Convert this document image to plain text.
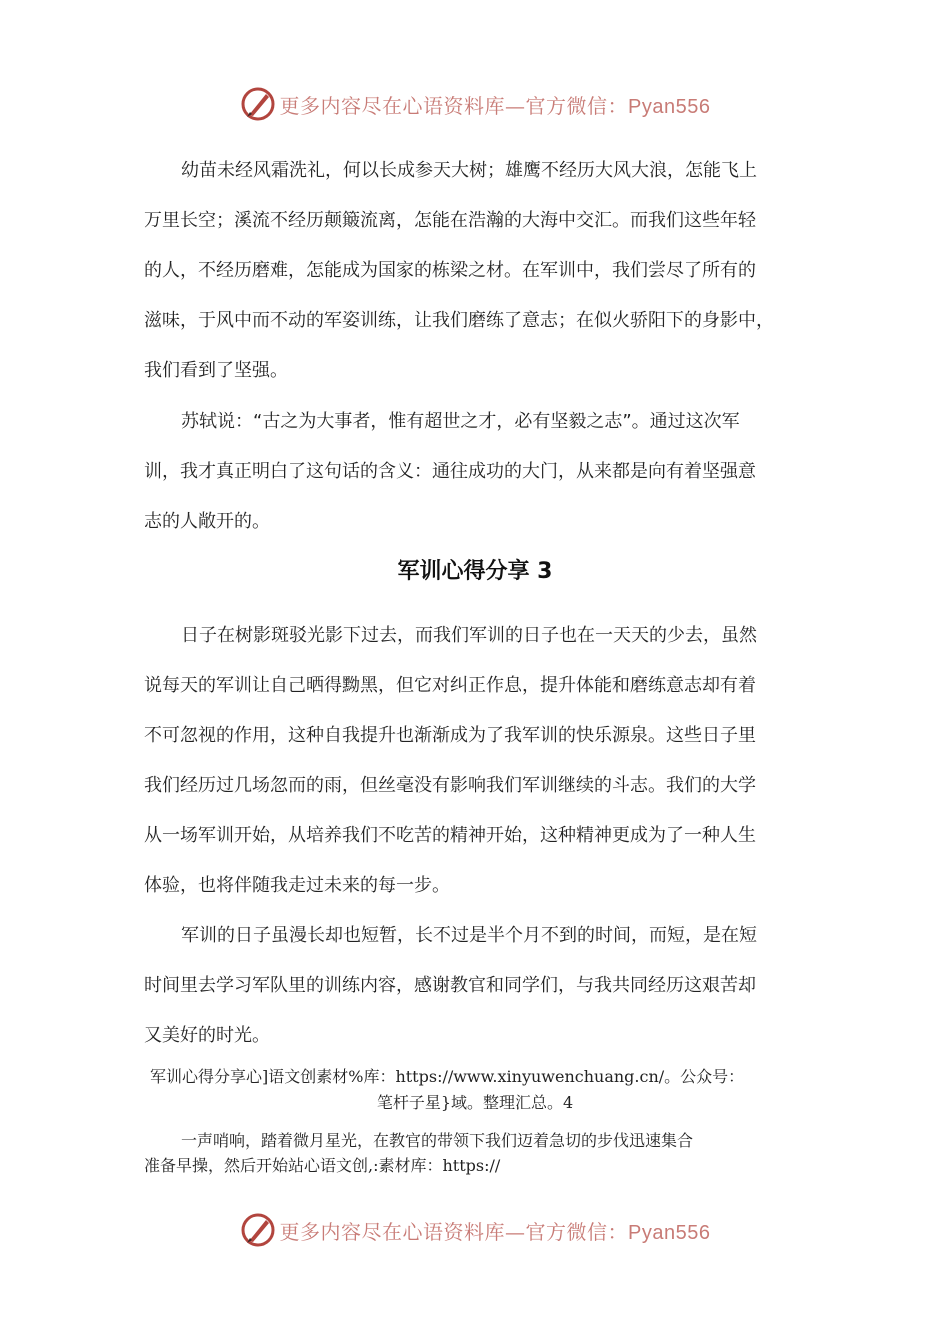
更多内容尽在心语资料库—官方微信：Pyan556
幼苗未经风霜洗礼，何以长成参天大树；雄鹰不经历大风大浪，怎能飞上
万里长空；溪流不经历颠簸流离，怎能在浩瀚的大海中交汇。而我们这些年轻
的人，不经历磨难，怎能成为国家的栋梁之材。在军训中，我们尝尽了所有的
滋味，于风中而不动的军姿训练，让我们磨练了意志；在似火骄阳下的身影中，
我们看到了坚强。
苏轼说：“古之为大事者，惟有超世之才，必有坚毅之志”。通过这次军
训，我才真正明白了这句话的含义：通往成功的大门，从来都是向有着坚强意
志的人敞开的。
军训心得分享 3
日子在树影斑驳光影下过去，而我们军训的日子也在一天天的少去，虽然
说每天的军训让自己晒得黝黑，但它对纠正作息，提升体能和磨练意志却有着
不可忽视的作用，这种自我提升也渐渐成为了我军训的快乐源泉。这些日子里
我们经历过几场忽而的雨，但丝毫没有影响我们军训继续的斗志。我们的大学
从一场军训开始，从培养我们不吃苦的精神开始，这种精神更成为了一种人生
体验，也将伴随我走过未来的每一步。
军训的日子虽漫长却也短暂，长不过是半个月不到的时间，而短，是在短
时间里去学习军队里的训练内容，感谢教官和同学们，与我共同经历这艰苦却
又美好的时光。
军训心得分享心]语文创素材%库：https://www.xinyuwenchuang.cn/。公众号：
笔杆子星}域。整理汇总。4
一声哨响，踏着微月星光，在教官的带领下我们迈着急切的步伐迅速集合
准备早操，然后开始站心语文创,:素材库：https://
更多内容尽在心语资料库—官方微信：Pyan556
